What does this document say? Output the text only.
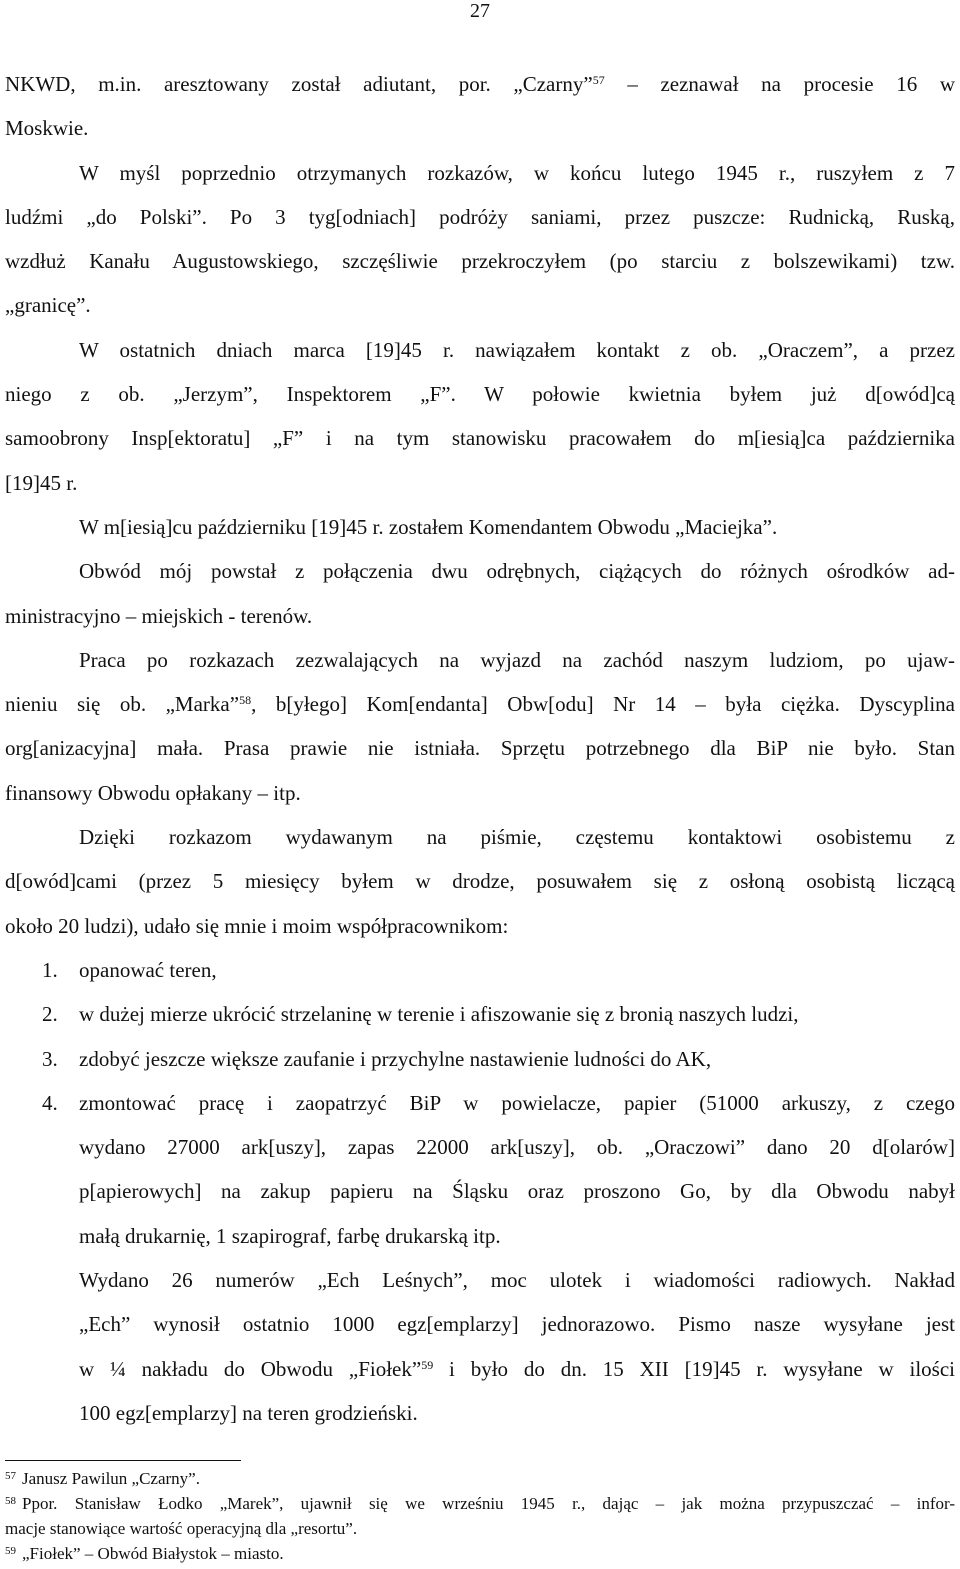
27
NKWD, m.in. aresztowany został adiutant, por. „Czarny”$^{57}$ – zeznawał na procesie 16 w
Moskwie.
W myśl poprzednio otrzymanych rozkazów, w końcu lutego 1945 r., ruszyłem z 7
ludźmi „do Polski”. Po 3 tyg[odniach] podróży saniami, przez puszcze: Rudnicką, Ruską,
wzdłuż Kanału Augustowskiego, szczęśliwie przekroczyłem (po starciu z bolszewikami) tzw.
„granicę”.
W ostatnich dniach marca [19]45 r. nawiązałem kontakt z ob. „Oraczem”, a przez
niego z ob. „Jerzym”, Inspektorem „F”. W połowie kwietnia byłem już d[owód]cą
samoobrony Insp[ektoratu] „F” i na tym stanowisku pracowałem do m[iesią]ca października
[19]45 r.
W m[iesią]cu październiku [19]45 r. zostałem Komendantem Obwodu „Maciejka”.
Obwód mój powstał z połączenia dwu odrębnych, ciążących do różnych ośrodków ad-
ministracyjno – miejskich - terenów.
Praca po rozkazach zezwalających na wyjazd na zachód naszym ludziom, po ujaw-
nieniu się ob. „Marka”$^{58}$, b[yłego] Kom[endanta] Obw[odu] Nr 14 – była ciężka. Dyscyplina
org[anizacyjna] mała. Prasa prawie nie istniała. Sprzętu potrzebnego dla BiP nie było. Stan
finansowy Obwodu opłakany – itp.
Dzięki rozkazom wydawanym na piśmie, częstemu kontaktowi osobistemu z
d[owód]cami (przez 5 miesięcy byłem w drodze, posuwałem się z osłoną osobistą liczącą
około 20 ludzi), udało się mnie i moim współpracownikom:
1.	opanować teren,
2.	w dużej mierze ukrócić strzelaninę w terenie i afiszowanie się z bronią naszych ludzi,
3.	zdobyć jeszcze większe zaufanie i przychylne nastawienie ludności do AK,
4.	zmontować pracę i zaopatrzyć BiP w powielacze, papier (51000 arkuszy, z czego
wydano 27000 ark[uszy], zapas 22000 ark[uszy], ob. „Oraczowi” dano 20 d[olarów]
p[apierowych] na zakup papieru na Śląsku oraz proszono Go, by dla Obwodu nabył
małą drukarnię, 1 szapirograf, farbę drukarską itp.
Wydano 26 numerów „Ech Leśnych”, moc ulotek i wiadomości radiowych. Nakład
„Ech” wynosił ostatnio 1000 egz[emplarzy] jednorazowo. Pismo nasze wysyłane jest
w ¼ nakładu do Obwodu „Fiołek”$^{59}$ i było do dn. 15 XII [19]45 r. wysyłane w ilości
100 egz[emplarzy] na teren grodzieński.
$^{57}$ Janusz Pawilun „Czarny”.
$^{58}$ Ppor. Stanisław Łodko „Marek”, ujawnił się we wrześniu 1945 r., dając – jak można przypuszczać – infor-
macje stanowiące wartość operacyjną dla „resortu”.
$^{59}$ „Fiołek” – Obwód Białystok – miasto.
